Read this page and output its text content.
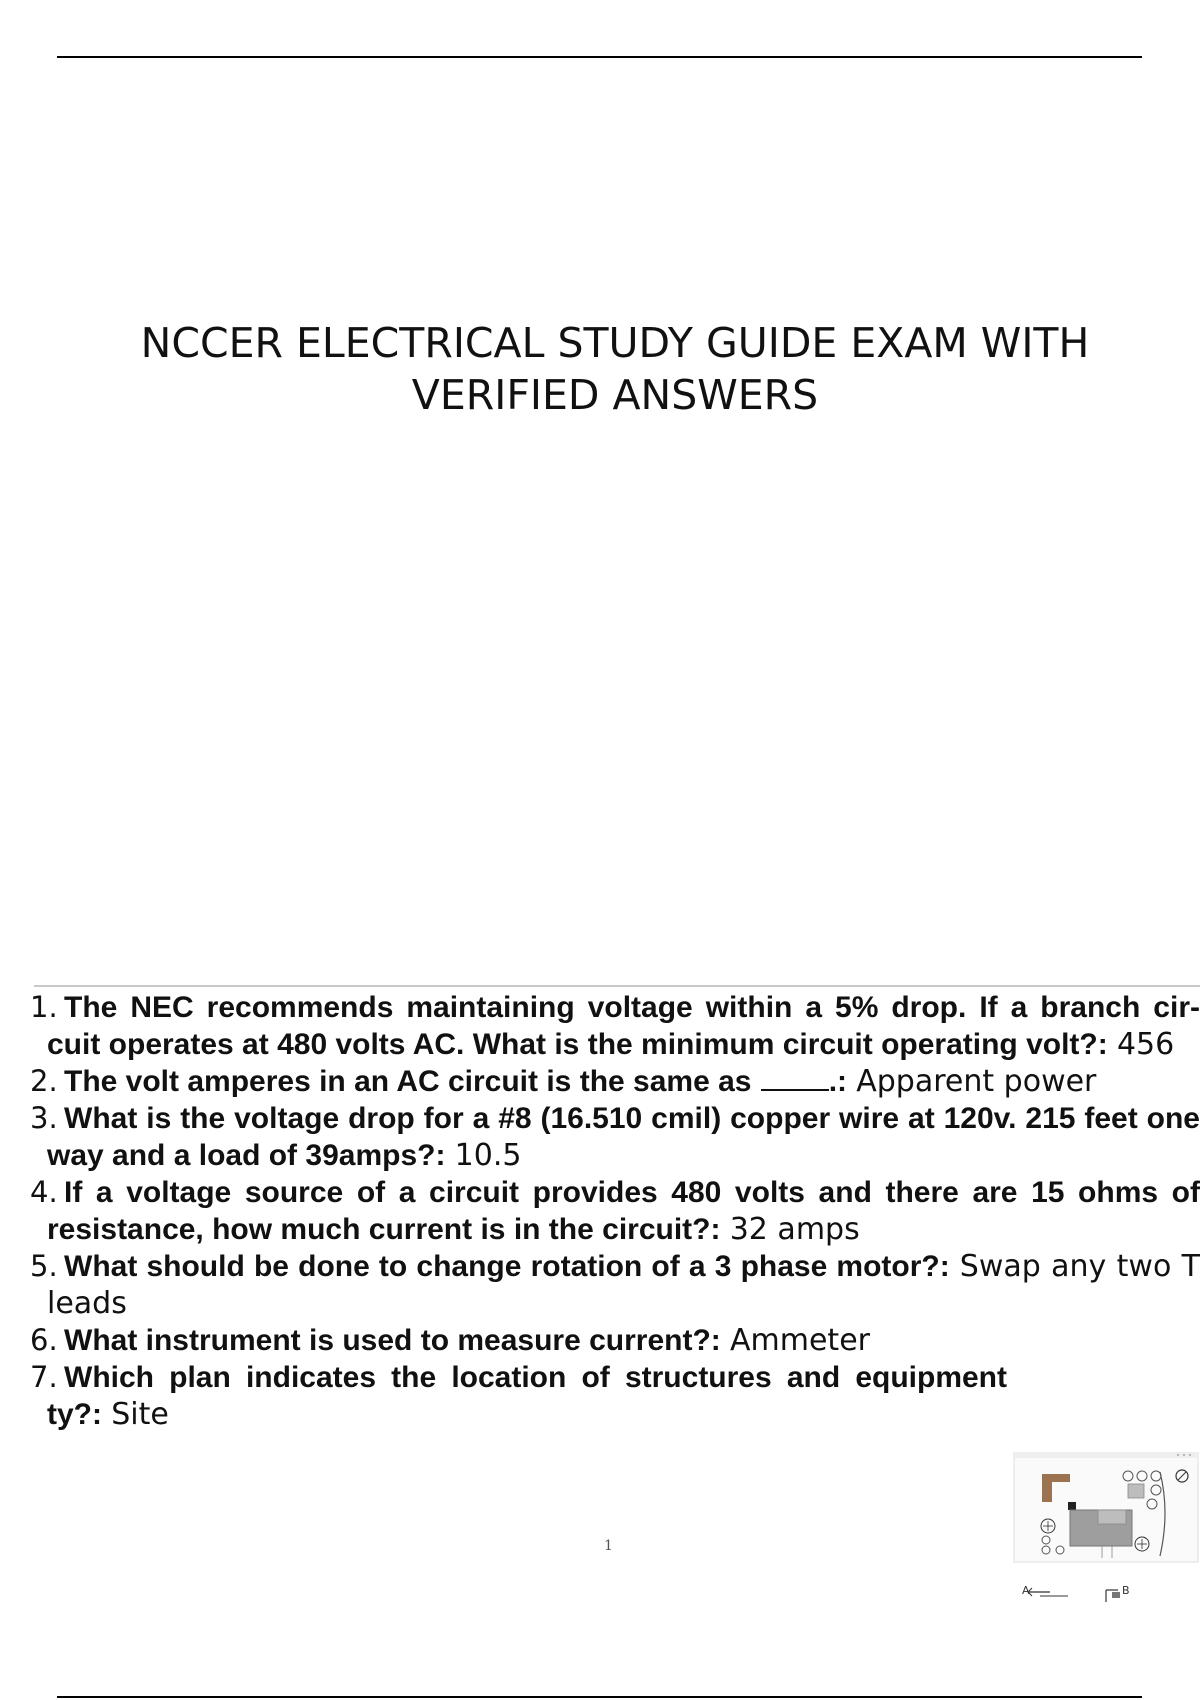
NCCER ELECTRICAL STUDY GUIDE EXAM WITH
VERIFIED ANSWERS
1. The NEC recommends maintaining voltage within a 5% drop. If a branch cir- cuit operates at 480 volts AC. What is the minimum circuit operating volt?: 456
2. The volt amperes in an AC circuit is the same as	.: Apparent power
3. What is the voltage drop for a #8 (16.510 cmil) copper wire at 120v. 215 feet one way and a load of 39amps?: 10.5
4. If a voltage source of a circuit provides 480 volts and there are 15 ohms of resistance, how much current is in the circuit?: 32 amps
5. What should be done to change rotation of a 3 phase motor?: Swap any two T leads
6. What instrument is used to measure current?: Ammeter
7. Which plan indicates the location of structures and equipment ty?: Site
1
A	B
